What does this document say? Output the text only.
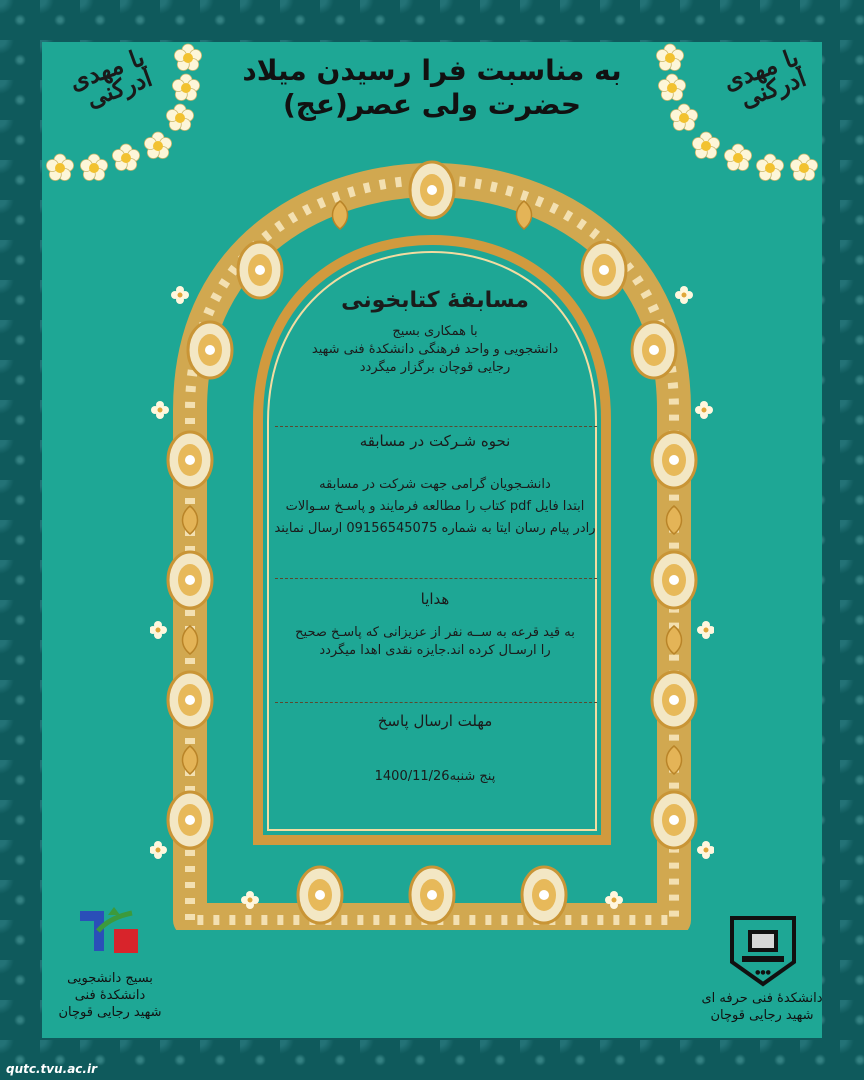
به مناسبت فرا رسیدن میلاد
حضرت ولی عصر(عج)
یا مهدی ادرکنی	یا مهدی ادرکنی
مسابقهٔ کتابخونی
با همکاری بسیج
دانشجویی و واحد فرهنگی دانشکدهٔ فنی شهید
رجایی قوچان برگزار میگردد
نحوه شـرکت در مسابقه
دانشـجویان گرامی جهت شرکت در مسابقه
ابتدا فایل pdf کتاب را مطالعه فرمایند و پاسـخ سـوالات
رادر پیام رسان ایتا به شماره 09156545075 ارسال نمایند
هدایا
به قید قرعه به ســه نفر از عزیزانی که پاسـخ صحیح
را ارسـال کرده اند.جایزه نقدی اهدا میگردد
مهلت ارسال پاسخ
پنج شنبه1400/11/26
بسیج دانشجویی
دانشکدهٔ فنی
شهید رجایی قوچان
●●●
دانشکدهٔ فنی حرفه ای
شهید رجایی قوچان
qutc.tvu.ac.ir
